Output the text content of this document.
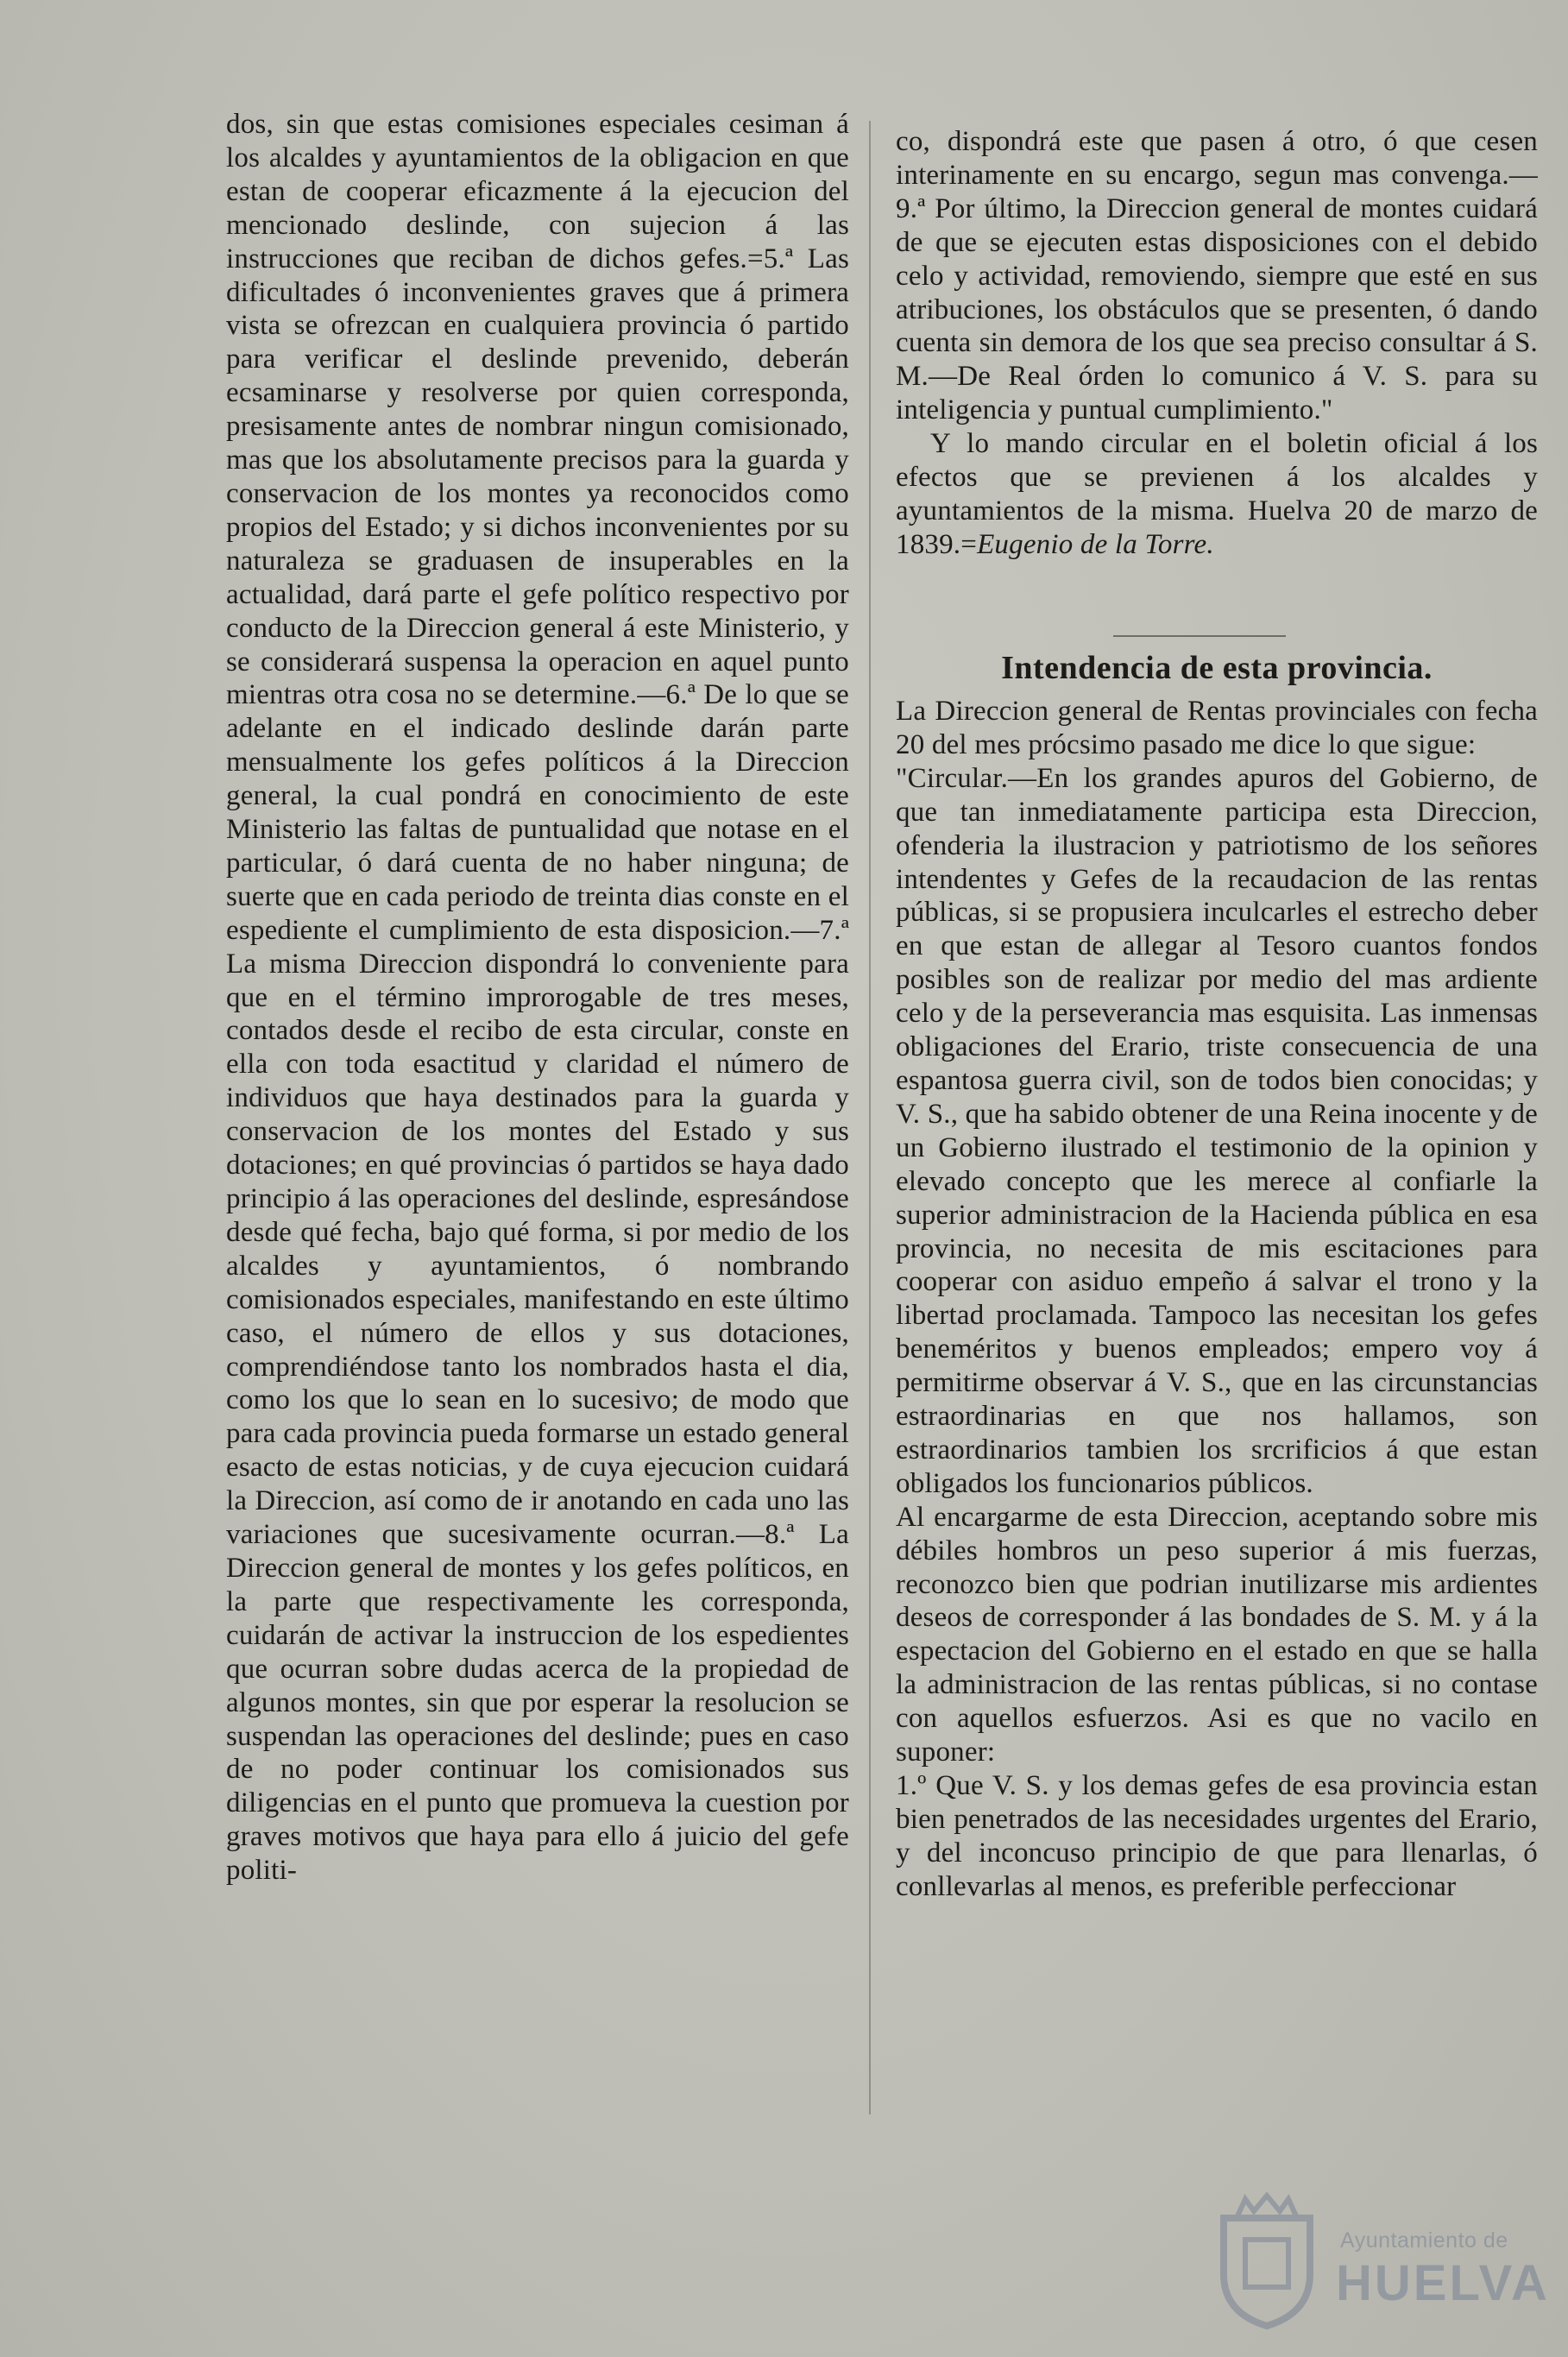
dos, sin que estas comisiones especiales cesiman á los alcaldes y ayuntamientos de la obligacion en que estan de cooperar eficazmente á la ejecucion del mencionado deslinde, con sujecion á las instrucciones que reciban de dichos gefes.=5.ª Las dificultades ó inconvenientes graves que á primera vista se ofrezcan en cualquiera provincia ó partido para verificar el deslinde prevenido, deberán ecsaminarse y resolverse por quien corresponda, presisamente antes de nombrar ningun comisionado, mas que los absolutamente precisos para la guarda y conservacion de los montes ya reconocidos como propios del Estado; y si dichos inconvenientes por su naturaleza se graduasen de insuperables en la actualidad, dará parte el gefe político respectivo por conducto de la Direccion general á este Ministerio, y se considerará suspensa la operacion en aquel punto mientras otra cosa no se determine.—6.ª De lo que se adelante en el indicado deslinde darán parte mensualmente los gefes políticos á la Direccion general, la cual pondrá en conocimiento de este Ministerio las faltas de puntualidad que notase en el particular, ó dará cuenta de no haber ninguna; de suerte que en cada periodo de treinta dias conste en el espediente el cumplimiento de esta disposicion.—7.ª La misma Direccion dispondrá lo conveniente para que en el término improrogable de tres meses, contados desde el recibo de esta circular, conste en ella con toda esactitud y claridad el número de individuos que haya destinados para la guarda y conservacion de los montes del Estado y sus dotaciones; en qué provincias ó partidos se haya dado principio á las operaciones del deslinde, espresándose desde qué fecha, bajo qué forma, si por medio de los alcaldes y ayuntamientos, ó nombrando comisionados especiales, manifestando en este último caso, el número de ellos y sus dotaciones, comprendiéndose tanto los nombrados hasta el dia, como los que lo sean en lo sucesivo; de modo que para cada provincia pueda formarse un estado general esacto de estas noticias, y de cuya ejecucion cuidará la Direccion, así como de ir anotando en cada uno las variaciones que sucesivamente ocurran.—8.ª La Direccion general de montes y los gefes políticos, en la parte que respectivamente les corresponda, cuidarán de activar la instruccion de los espedientes que ocurran sobre dudas acerca de la propiedad de algunos montes, sin que por esperar la resolucion se suspendan las operaciones del deslinde; pues en caso de no poder continuar los comisionados sus diligencias en el punto que promueva la cuestion por graves motivos que haya para ello á juicio del gefe politi-

co, dispondrá este que pasen á otro, ó que cesen interinamente en su encargo, segun mas convenga.—9.ª Por último, la Direccion general de montes cuidará de que se ejecuten estas disposiciones con el debido celo y actividad, removiendo, siempre que esté en sus atribuciones, los obstáculos que se presenten, ó dando cuenta sin demora de los que sea preciso consultar á S. M.—De Real órden lo comunico á V. S. para su inteligencia y puntual cumplimiento."

Y lo mando circular en el boletin oficial á los efectos que se previenen á los alcaldes y ayuntamientos de la misma. Huelva 20 de marzo de 1839.=Eugenio de la Torre.

Intendencia de esta provincia.

La Direccion general de Rentas provinciales con fecha 20 del mes prócsimo pasado me dice lo que sigue:

"Circular.—En los grandes apuros del Gobierno, de que tan inmediatamente participa esta Direccion, ofenderia la ilustracion y patriotismo de los señores intendentes y Gefes de la recaudacion de las rentas públicas, si se propusiera inculcarles el estrecho deber en que estan de allegar al Tesoro cuantos fondos posibles son de realizar por medio del mas ardiente celo y de la perseverancia mas esquisita. Las inmensas obligaciones del Erario, triste consecuencia de una espantosa guerra civil, son de todos bien conocidas; y V. S., que ha sabido obtener de una Reina inocente y de un Gobierno ilustrado el testimonio de la opinion y elevado concepto que les merece al confiarle la superior administracion de la Hacienda pública en esa provincia, no necesita de mis escitaciones para cooperar con asiduo empeño á salvar el trono y la libertad proclamada. Tampoco las necesitan los gefes beneméritos y buenos empleados; empero voy á permitirme observar á V. S., que en las circunstancias estraordinarias en que nos hallamos, son estraordinarios tambien los srcrificios á que estan obligados los funcionarios públicos.

Al encargarme de esta Direccion, aceptando sobre mis débiles hombros un peso superior á mis fuerzas, reconozco bien que podrian inutilizarse mis ardientes deseos de corresponder á las bondades de S. M. y á la espectacion del Gobierno en el estado en que se halla la administracion de las rentas públicas, si no contase con aquellos esfuerzos. Asi es que no vacilo en suponer:

1.º Que V. S. y los demas gefes de esa provincia estan bien penetrados de las necesidades urgentes del Erario, y del inconcuso principio de que para llenarlas, ó conllevarlas al menos, es preferible perfeccionar

Ayuntamiento de
HUELVA
